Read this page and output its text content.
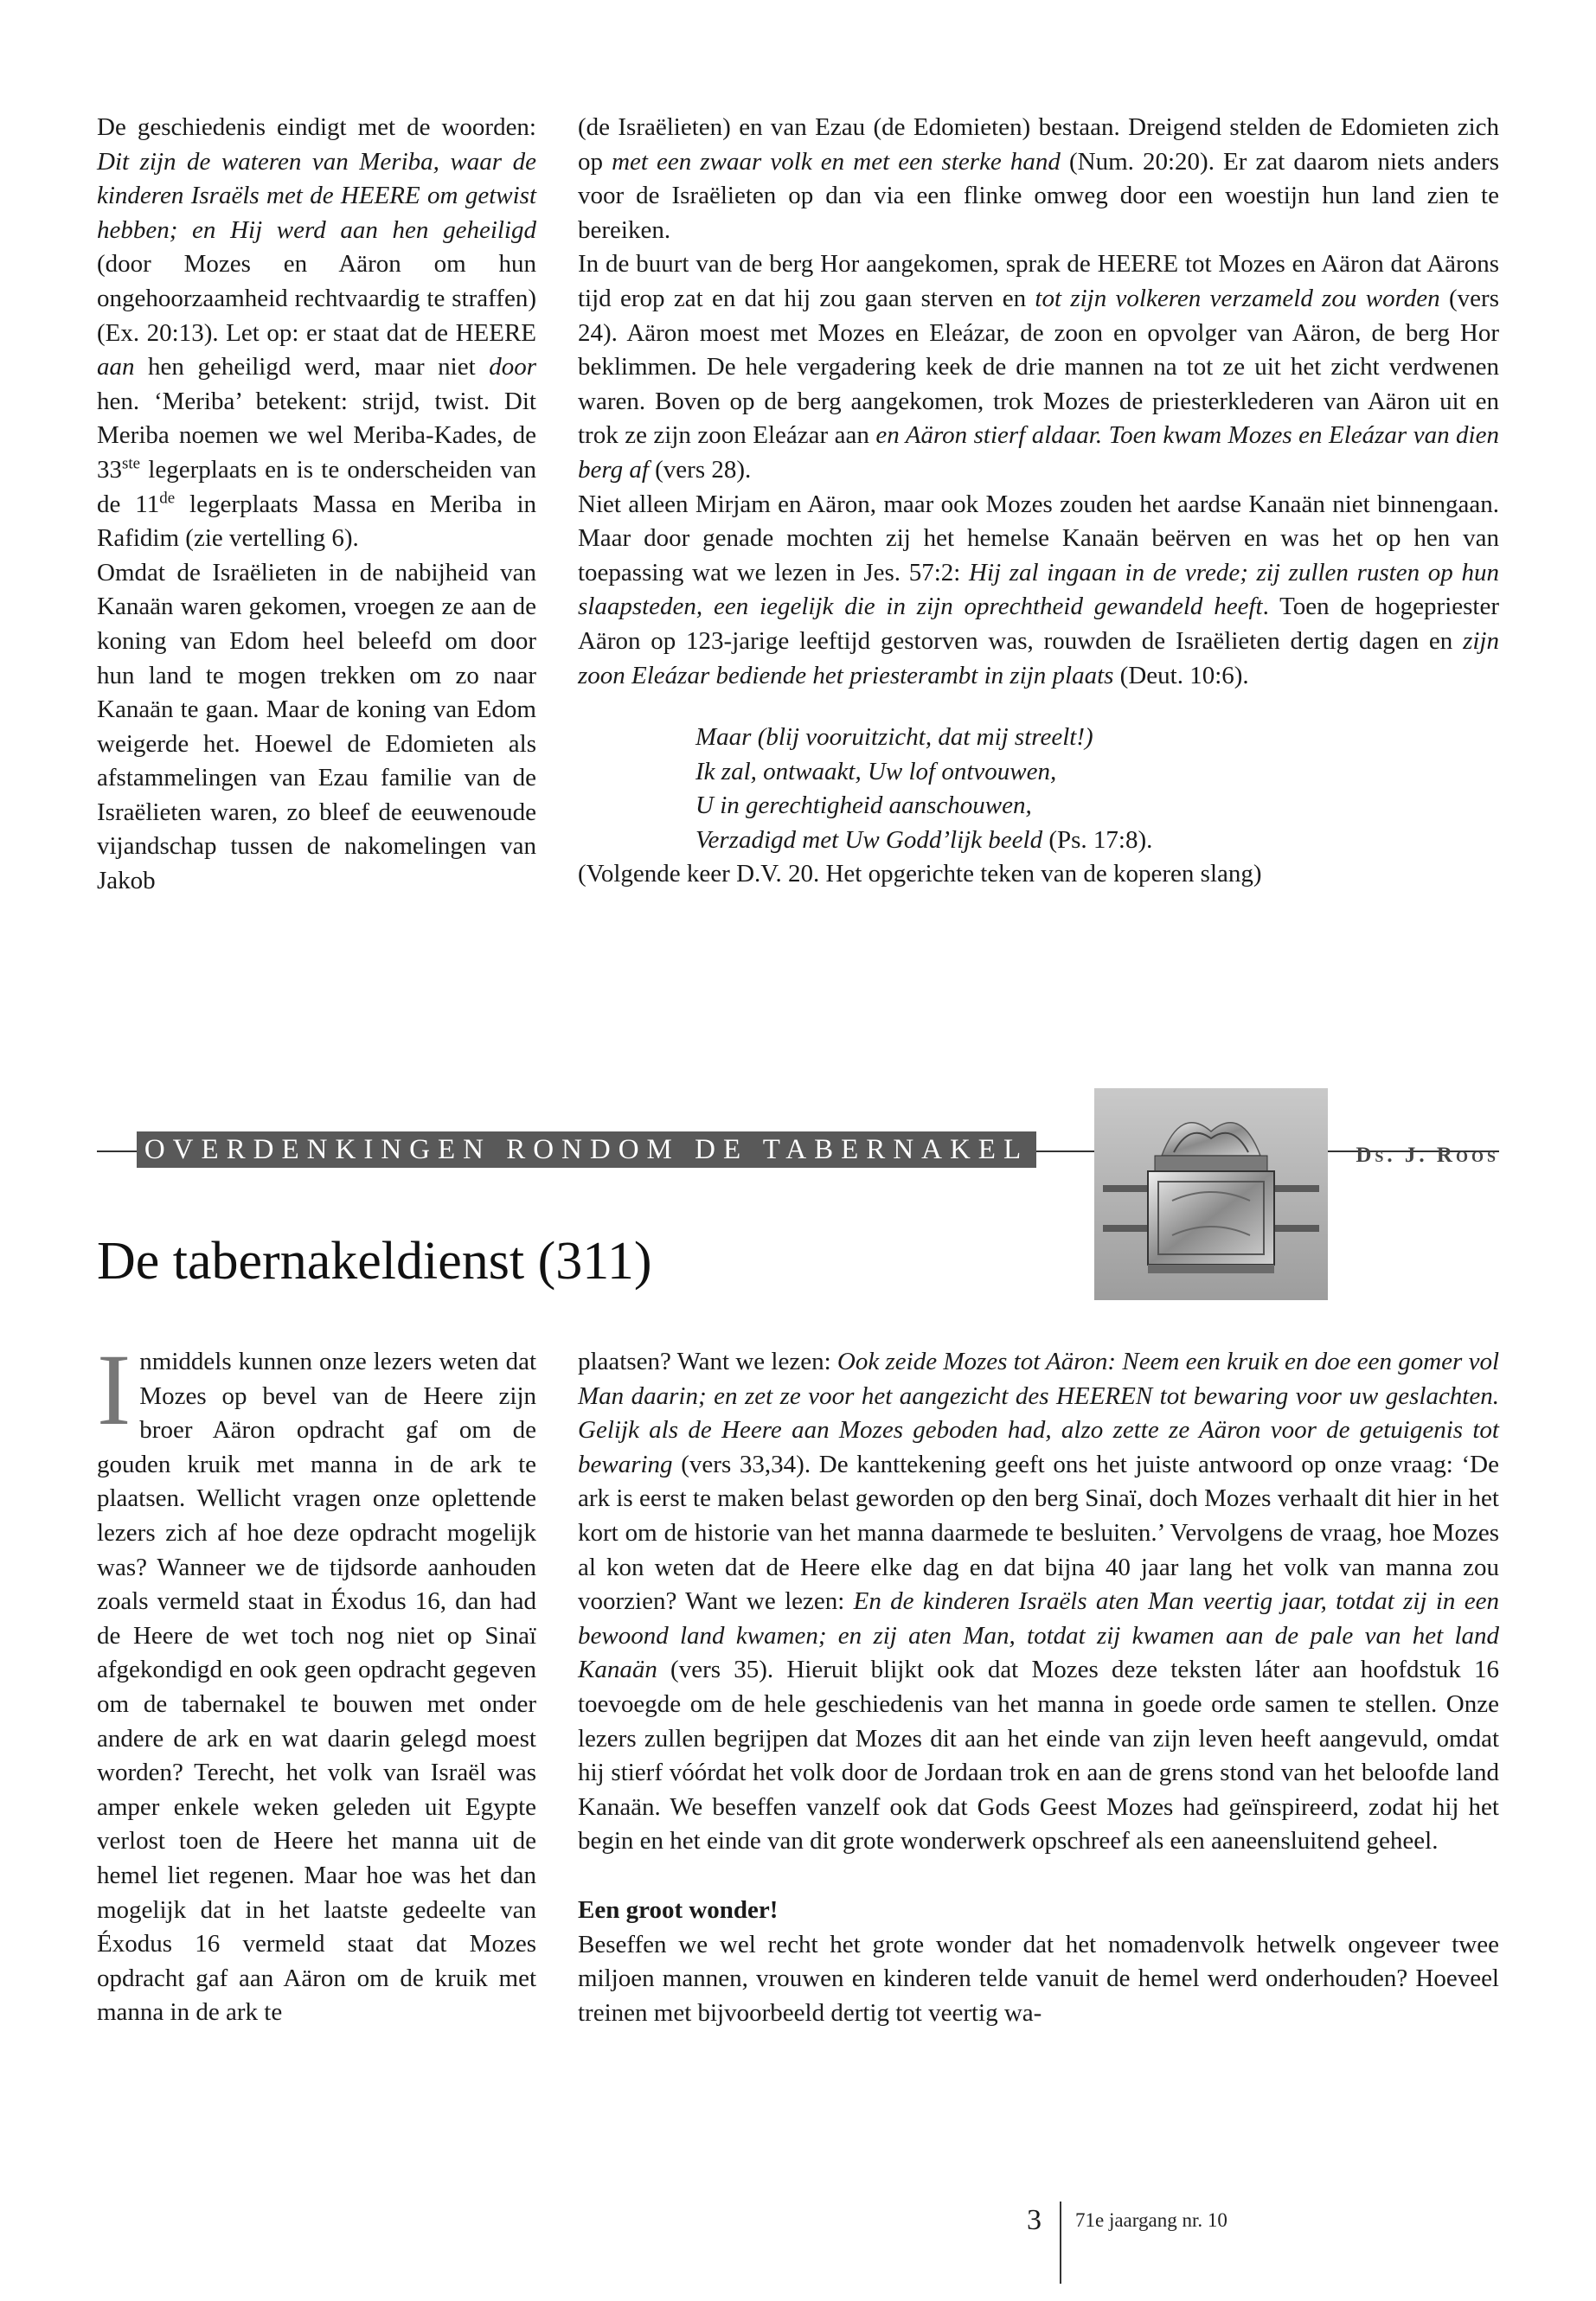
De geschiedenis eindigt met de woorden: Dit zijn de wateren van Meriba, waar de kinderen Israëls met de HEERE om getwist hebben; en Hij werd aan hen geheiligd (door Mozes en Aäron om hun ongehoorzaamheid rechtvaardig te straffen) (Ex. 20:13). Let op: er staat dat de HEERE aan hen geheiligd werd, maar niet door hen. ‘Meriba’ betekent: strijd, twist. Dit Meriba noemen we wel Meriba-Kades, de 33ste legerplaats en is te onderscheiden van de 11de legerplaats Massa en Meriba in Rafidim (zie vertelling 6).

Omdat de Israëlieten in de nabijheid van Kanaän waren gekomen, vroegen ze aan de koning van Edom heel beleefd om door hun land te mogen trekken om zo naar Kanaän te gaan. Maar de koning van Edom weigerde het. Hoewel de Edomieten als afstammelingen van Ezau familie van de Israëlieten waren, zo bleef de eeuwenoude vijandschap tussen de nakomelingen van Jakob

(de Israëlieten) en van Ezau (de Edomieten) bestaan. Dreigend stelden de Edomieten zich op met een zwaar volk en met een sterke hand (Num. 20:20). Er zat daarom niets anders voor de Israëlieten op dan via een flinke omweg door een woestijn hun land zien te bereiken.

In de buurt van de berg Hor aangekomen, sprak de HEERE tot Mozes en Aäron dat Aärons tijd erop zat en dat hij zou gaan sterven en tot zijn volkeren verzameld zou worden (vers 24). Aäron moest met Mozes en Eleázar, de zoon en opvolger van Aäron, de berg Hor beklimmen. De hele vergadering keek de drie mannen na tot ze uit het zicht verdwenen waren. Boven op de berg aangekomen, trok Mozes de priesterklederen van Aäron uit en trok ze zijn zoon Eleázar aan en Aäron stierf aldaar. Toen kwam Mozes en Eleázar van dien berg af (vers 28).

Niet alleen Mirjam en Aäron, maar ook Mozes zouden het aardse Kanaän niet binnengaan. Maar door genade mochten zij het hemelse Kanaän beërven en was het op hen van toepassing wat we lezen in Jes. 57:2: Hij zal ingaan in de vrede; zij zullen rusten op hun slaapsteden, een iegelijk die in zijn oprechtheid gewandeld heeft. Toen de hogepriester Aäron op 123-jarige leeftijd gestorven was, rouwden de Israëlieten dertig dagen en zijn zoon Eleázar bediende het priesterambt in zijn plaats (Deut. 10:6).

Maar (blij vooruitzicht, dat mij streelt!)
Ik zal, ontwaakt, Uw lof ontvouwen,
U in gerechtigheid aanschouwen,
Verzadigd met Uw Godd’lijk beeld (Ps. 17:8).

(Volgende keer D.V. 20. Het opgerichte teken van de koperen slang)

OVERDENKINGEN RONDOM DE TABERNAKEL	Ds. J. Roos
De tabernakeldienst (311)

Inmiddels kunnen onze lezers weten dat Mozes op bevel van de Heere zijn broer Aäron opdracht gaf om de gouden kruik met manna in de ark te plaatsen. Wellicht vragen onze oplettende lezers zich af hoe deze opdracht mogelijk was? Wanneer we de tijdsorde aanhouden zoals vermeld staat in Éxodus 16, dan had de Heere de wet toch nog niet op Sinaï afgekondigd en ook geen opdracht gegeven om de tabernakel te bouwen met onder andere de ark en wat daarin gelegd moest worden? Terecht, het volk van Israël was amper enkele weken geleden uit Egypte verlost toen de Heere het manna uit de hemel liet regenen. Maar hoe was het dan mogelijk dat in het laatste gedeelte van Éxodus 16 vermeld staat dat Mozes opdracht gaf aan Aäron om de kruik met manna in de ark te

plaatsen? Want we lezen: Ook zeide Mozes tot Aäron: Neem een kruik en doe een gomer vol Man daarin; en zet ze voor het aangezicht des HEEREN tot bewaring voor uw geslachten. Gelijk als de Heere aan Mozes geboden had, alzo zette ze Aäron voor de getuigenis tot bewaring (vers 33,34). De kanttekening geeft ons het juiste antwoord op onze vraag: ‘De ark is eerst te maken belast geworden op den berg Sinaï, doch Mozes verhaalt dit hier in het kort om de historie van het manna daarmede te besluiten.’ Vervolgens de vraag, hoe Mozes al kon weten dat de Heere elke dag en dat bijna 40 jaar lang het volk van manna zou voorzien? Want we lezen: En de kinderen Israëls aten Man veertig jaar, totdat zij in een bewoond land kwamen; en zij aten Man, totdat zij kwamen aan de pale van het land Kanaän (vers 35). Hieruit blijkt ook dat Mozes deze teksten láter aan hoofdstuk 16 toevoegde om de hele geschiedenis van het manna in goede orde samen te stellen. Onze lezers zullen begrijpen dat Mozes dit aan het einde van zijn leven heeft aangevuld, omdat hij stierf vóórdat het volk door de Jordaan trok en aan de grens stond van het beloofde land Kanaän. We beseffen vanzelf ook dat Gods Geest Mozes had geïnspireerd, zodat hij het begin en het einde van dit grote wonderwerk opschreef als een aaneensluitend geheel.

Een groot wonder!

Beseffen we wel recht het grote wonder dat het nomadenvolk hetwelk ongeveer twee miljoen mannen, vrouwen en kinderen telde vanuit de hemel werd onderhouden? Hoeveel treinen met bijvoorbeeld dertig tot veertig wa-

3 71e jaargang nr. 10
